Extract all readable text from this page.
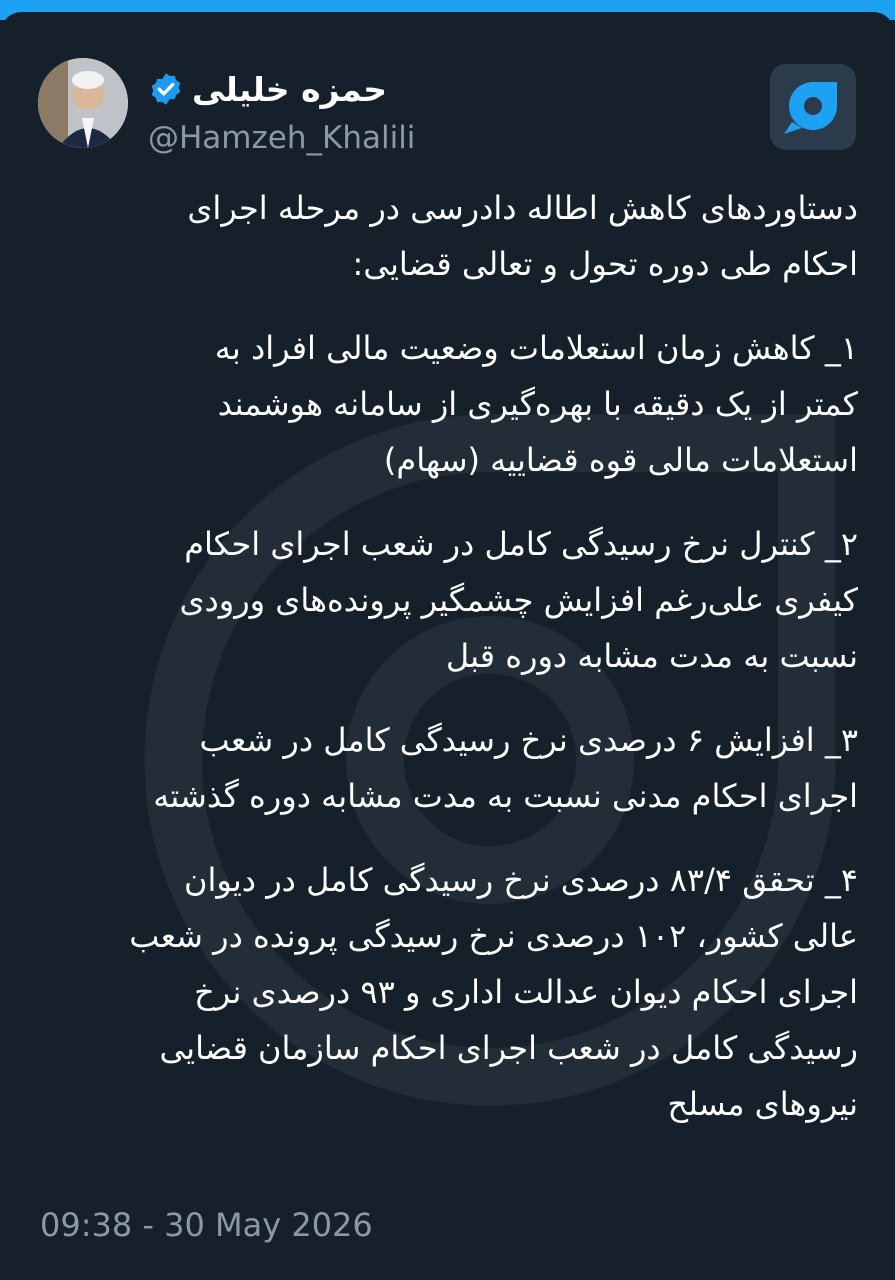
حمزه خلیلی
@Hamzeh_Khalili

دستاوردهای کاهش اطاله دادرسی در مرحله اجرای
احکام طی دوره تحول و تعالی قضایی:

۱_ کاهش زمان استعلامات وضعیت مالی افراد به
کمتر از یک دقیقه با بهره‌گیری از سامانه هوشمند
استعلامات مالی قوه قضاییه (سهام)

۲_ کنترل نرخ رسیدگی کامل در شعب اجرای احکام
کیفری علی‌رغم افزایش چشمگیر پرونده‌های ورودی
نسبت به مدت مشابه دوره قبل

۳_ افزایش ۶ درصدی نرخ رسیدگی کامل در شعب
اجرای احکام مدنی نسبت به مدت مشابه دوره گذشته

۴_ تحقق ۸۳/۴ درصدی نرخ رسیدگی کامل در دیوان
عالی کشور، ۱۰۲ درصدی نرخ رسیدگی پرونده در شعب
اجرای احکام دیوان عدالت اداری و ۹۳ درصدی نرخ
رسیدگی کامل در شعب اجرای احکام سازمان قضایی
نیروهای مسلح

09:38 - 30 May 2026
